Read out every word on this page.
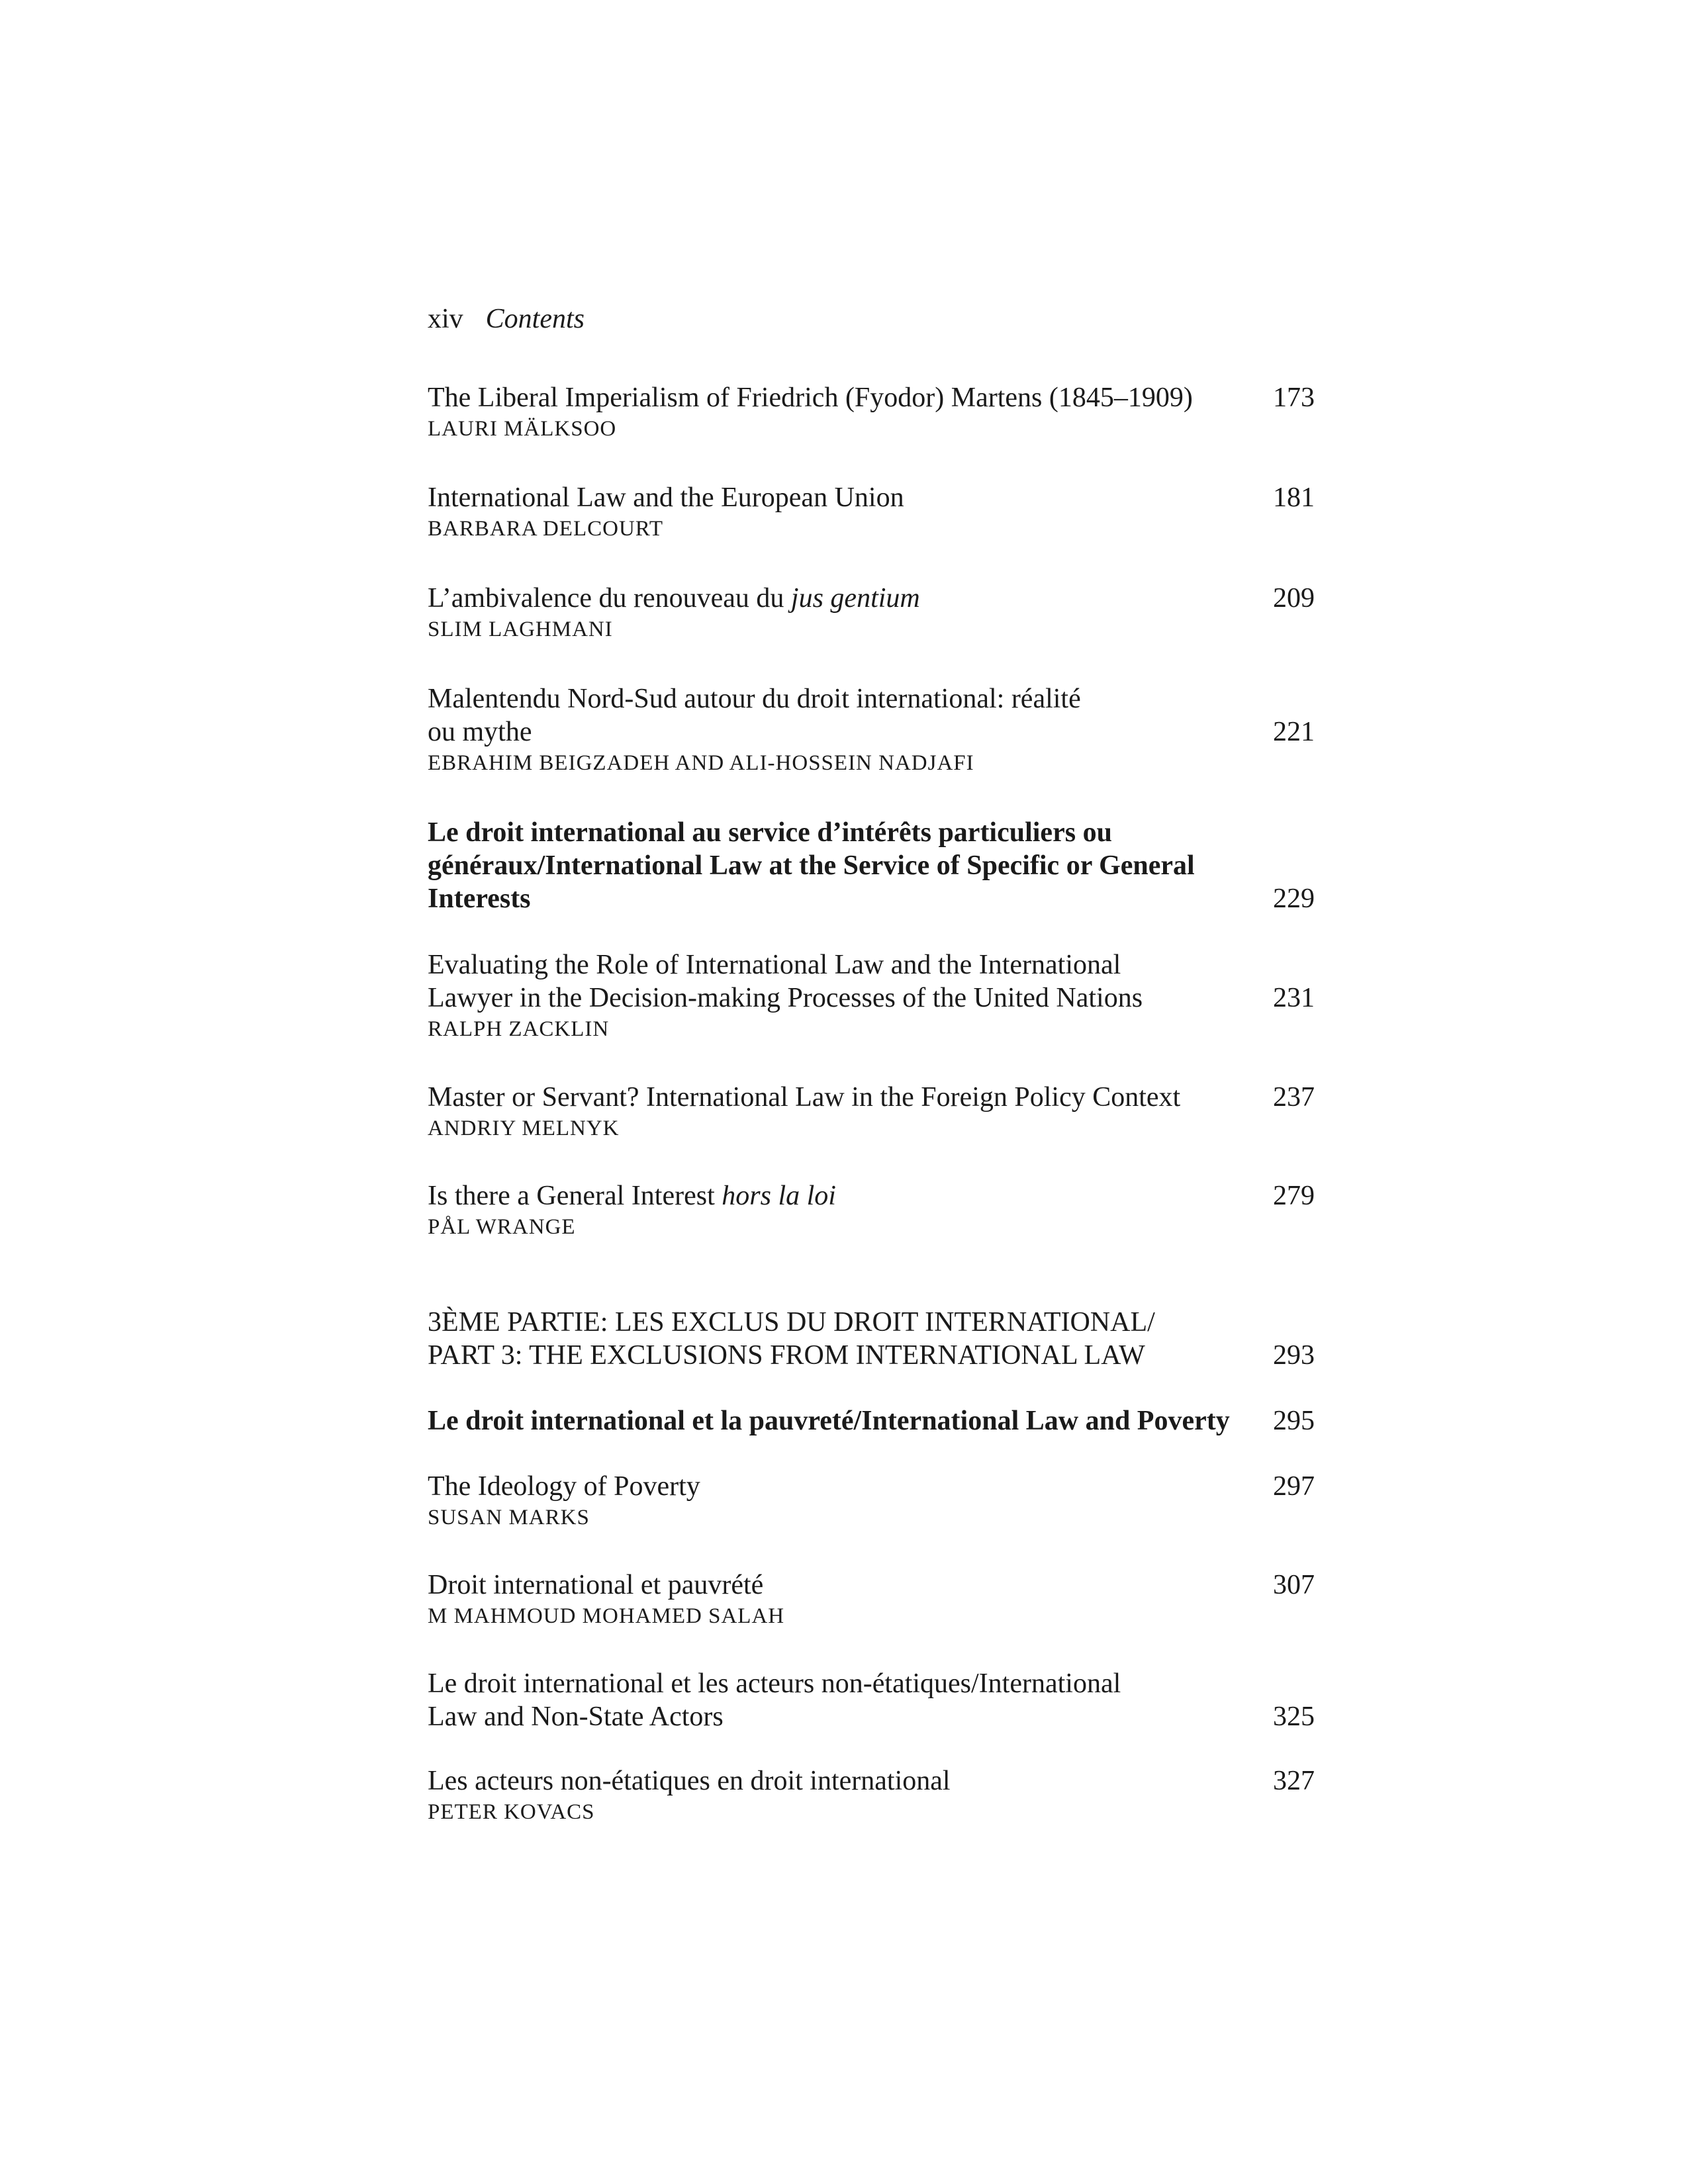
xiv Contents
The Liberal Imperialism of Friedrich (Fyodor) Martens (1845–1909)	173
LAURI MÄLKSOO
International Law and the European Union	181
BARBARA DELCOURT
L’ambivalence du renouveau du jus gentium	209
SLIM LAGHMANI
Malentendu Nord-Sud autour du droit international: réalité
ou mythe	221
EBRAHIM BEIGZADEH AND ALI-HOSSEIN NADJAFI
Le droit international au service d’intérêts particuliers ou
généraux/International Law at the Service of Specific or General
Interests	229
Evaluating the Role of International Law and the International
Lawyer in the Decision-making Processes of the United Nations	231
RALPH ZACKLIN
Master or Servant? International Law in the Foreign Policy Context	237
ANDRIY MELNYK
Is there a General Interest hors la loi	279
PÅL WRANGE
3ÈME PARTIE: LES EXCLUS DU DROIT INTERNATIONAL/
PART 3: THE EXCLUSIONS FROM INTERNATIONAL LAW	293
Le droit international et la pauvreté/International Law and Poverty	295
The Ideology of Poverty	297
SUSAN MARKS
Droit international et pauvrété	307
M MAHMOUD MOHAMED SALAH
Le droit international et les acteurs non-étatiques/International
Law and Non-State Actors	325
Les acteurs non-étatiques en droit international	327
PETER KOVACS
